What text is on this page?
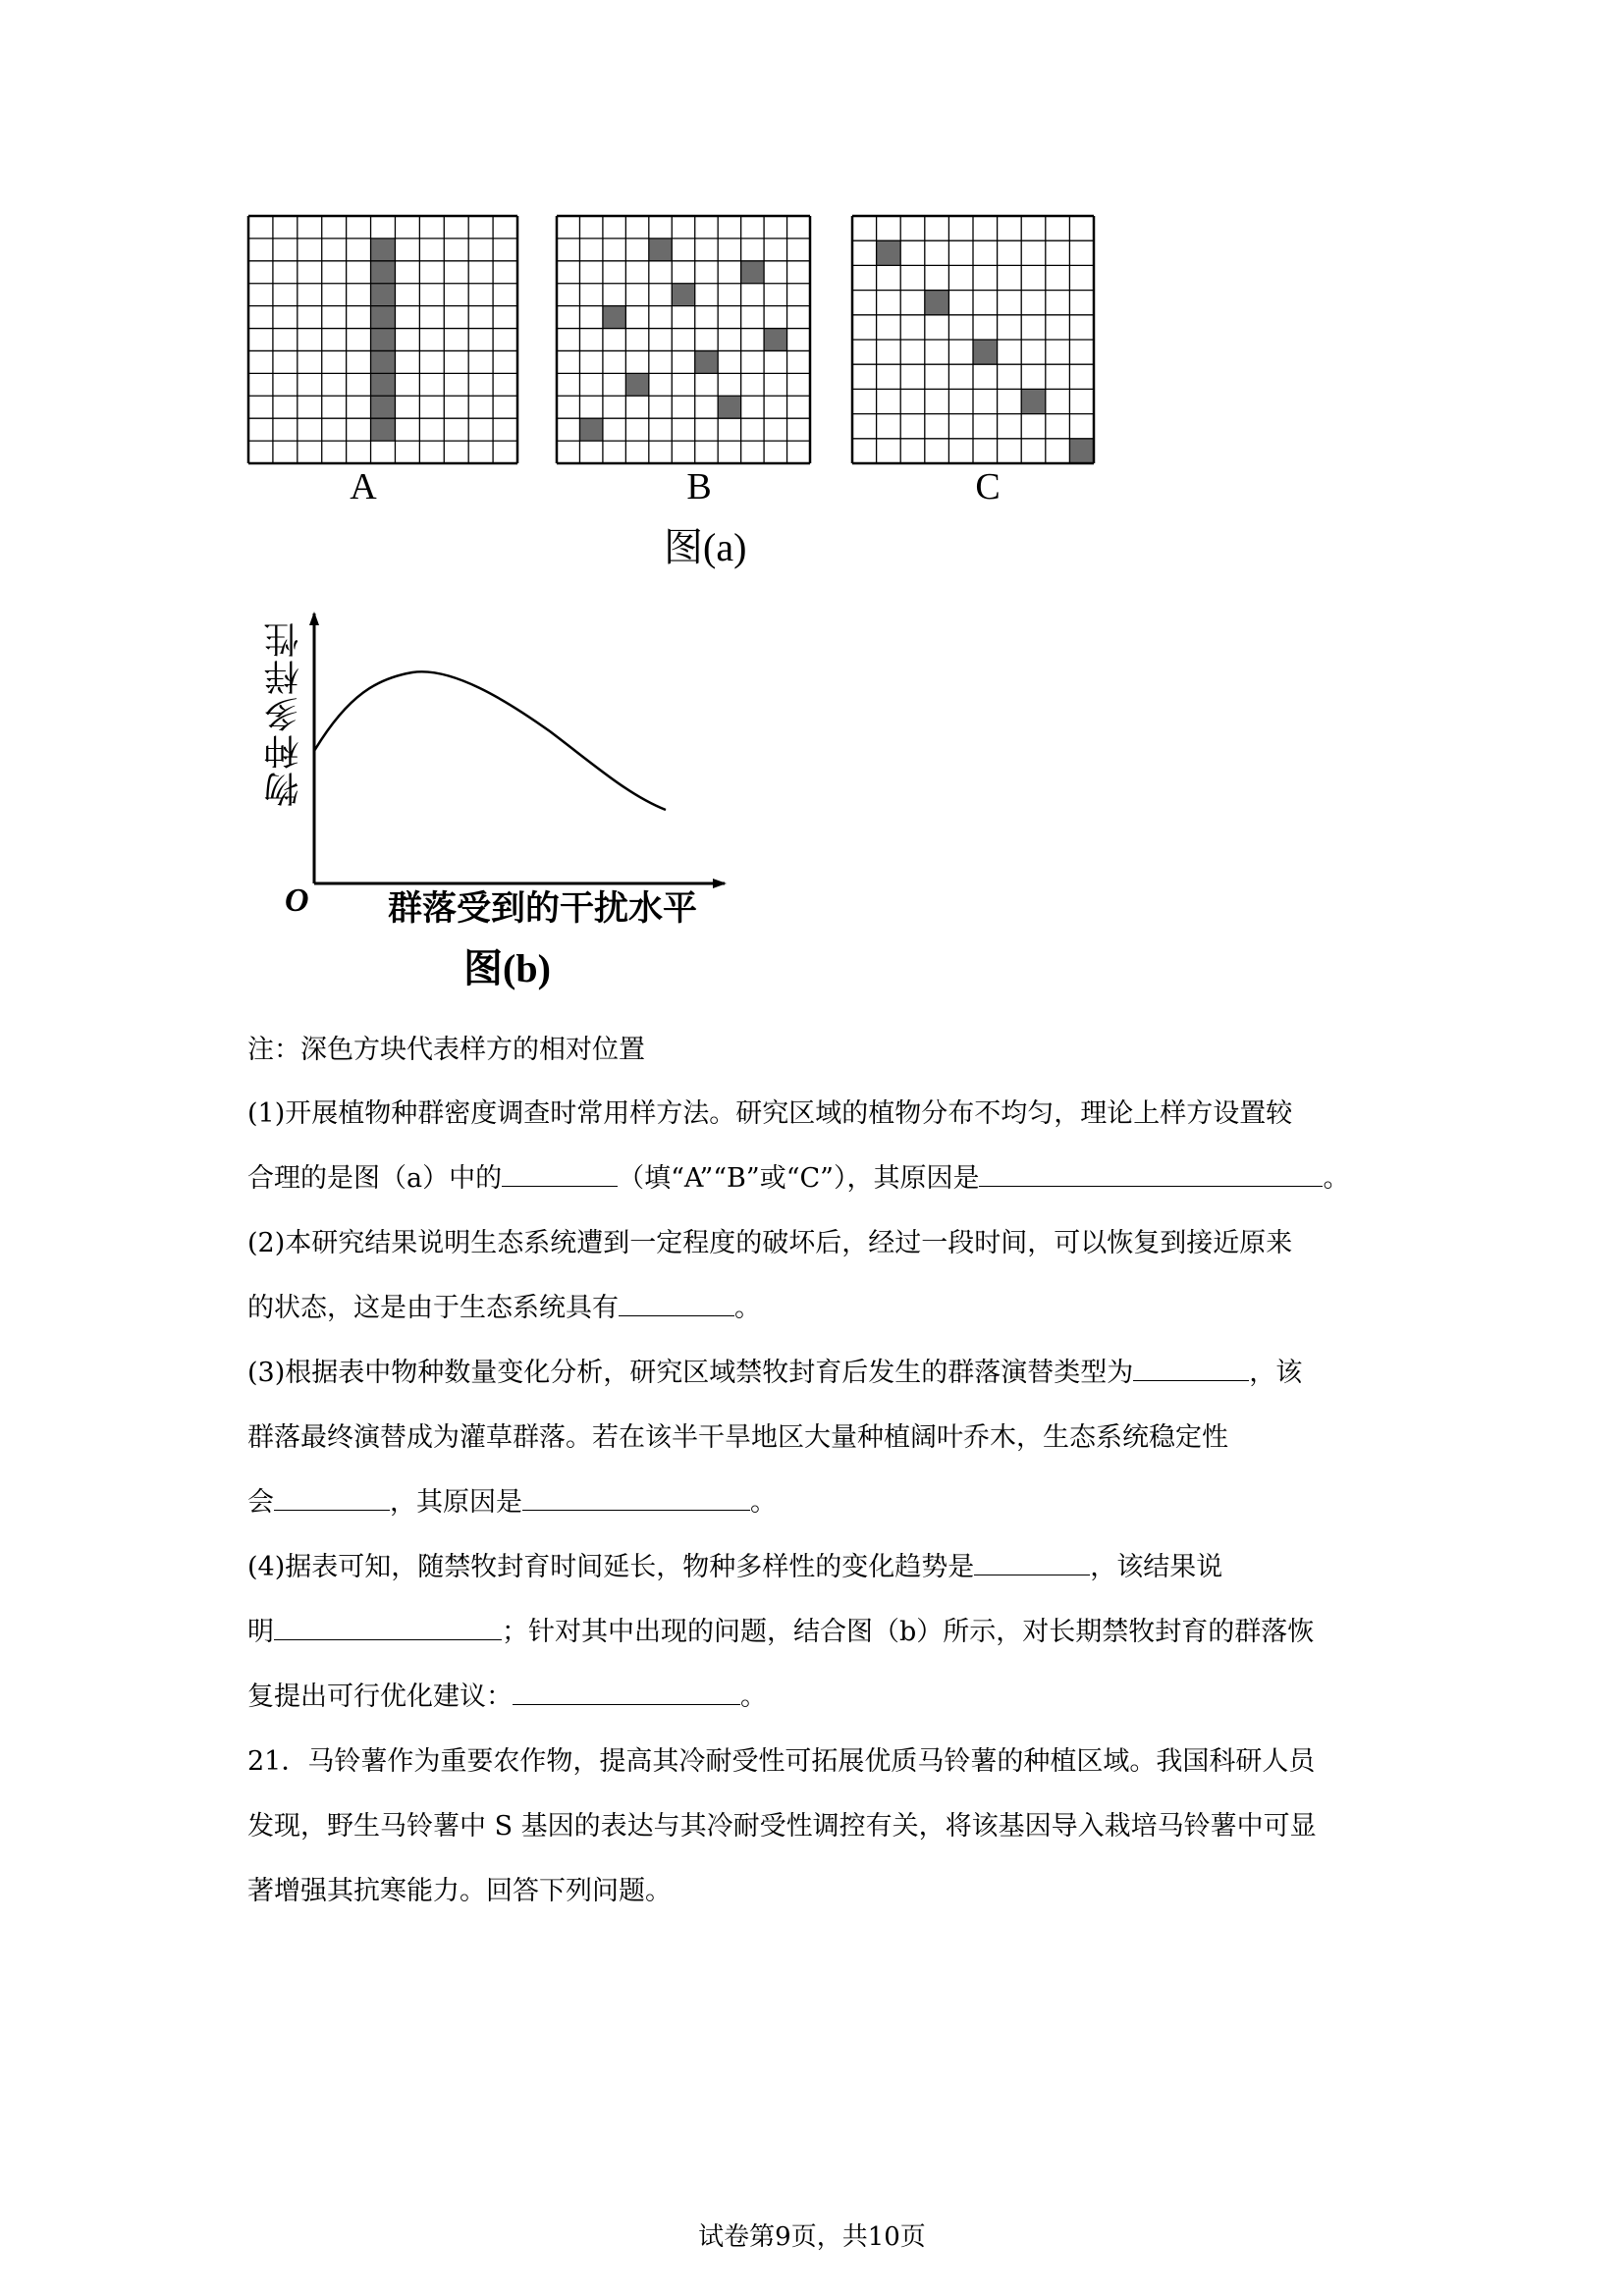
A	B	C
图(a)
物种多样性
O 群落受到的干扰水平
图(b)
注：深色方块代表样方的相对位置
(1)开展植物种群密度调查时常用样方法。研究区域的植物分布不均匀，理论上样方设置较
合理的是图（a）中的	（填“A”“B”或“C”），其原因是	。
(2)本研究结果说明生态系统遭到一定程度的破坏后，经过一段时间，可以恢复到接近原来
的状态，这是由于生态系统具有	。
(3)根据表中物种数量变化分析，研究区域禁牧封育后发生的群落演替类型为	，该
群落最终演替成为灌草群落。若在该半干旱地区大量种植阔叶乔木，生态系统稳定性
会	，其原因是	。
(4)据表可知，随禁牧封育时间延长，物种多样性的变化趋势是	，该结果说
明	；针对其中出现的问题，结合图（b）所示，对长期禁牧封育的群落恢
复提出可行优化建议：	。
21．马铃薯作为重要农作物，提高其冷耐受性可拓展优质马铃薯的种植区域。我国科研人员
发现，野生马铃薯中 S 基因的表达与其冷耐受性调控有关，将该基因导入栽培马铃薯中可显
著增强其抗寒能力。回答下列问题。
试卷第9页，共10页
